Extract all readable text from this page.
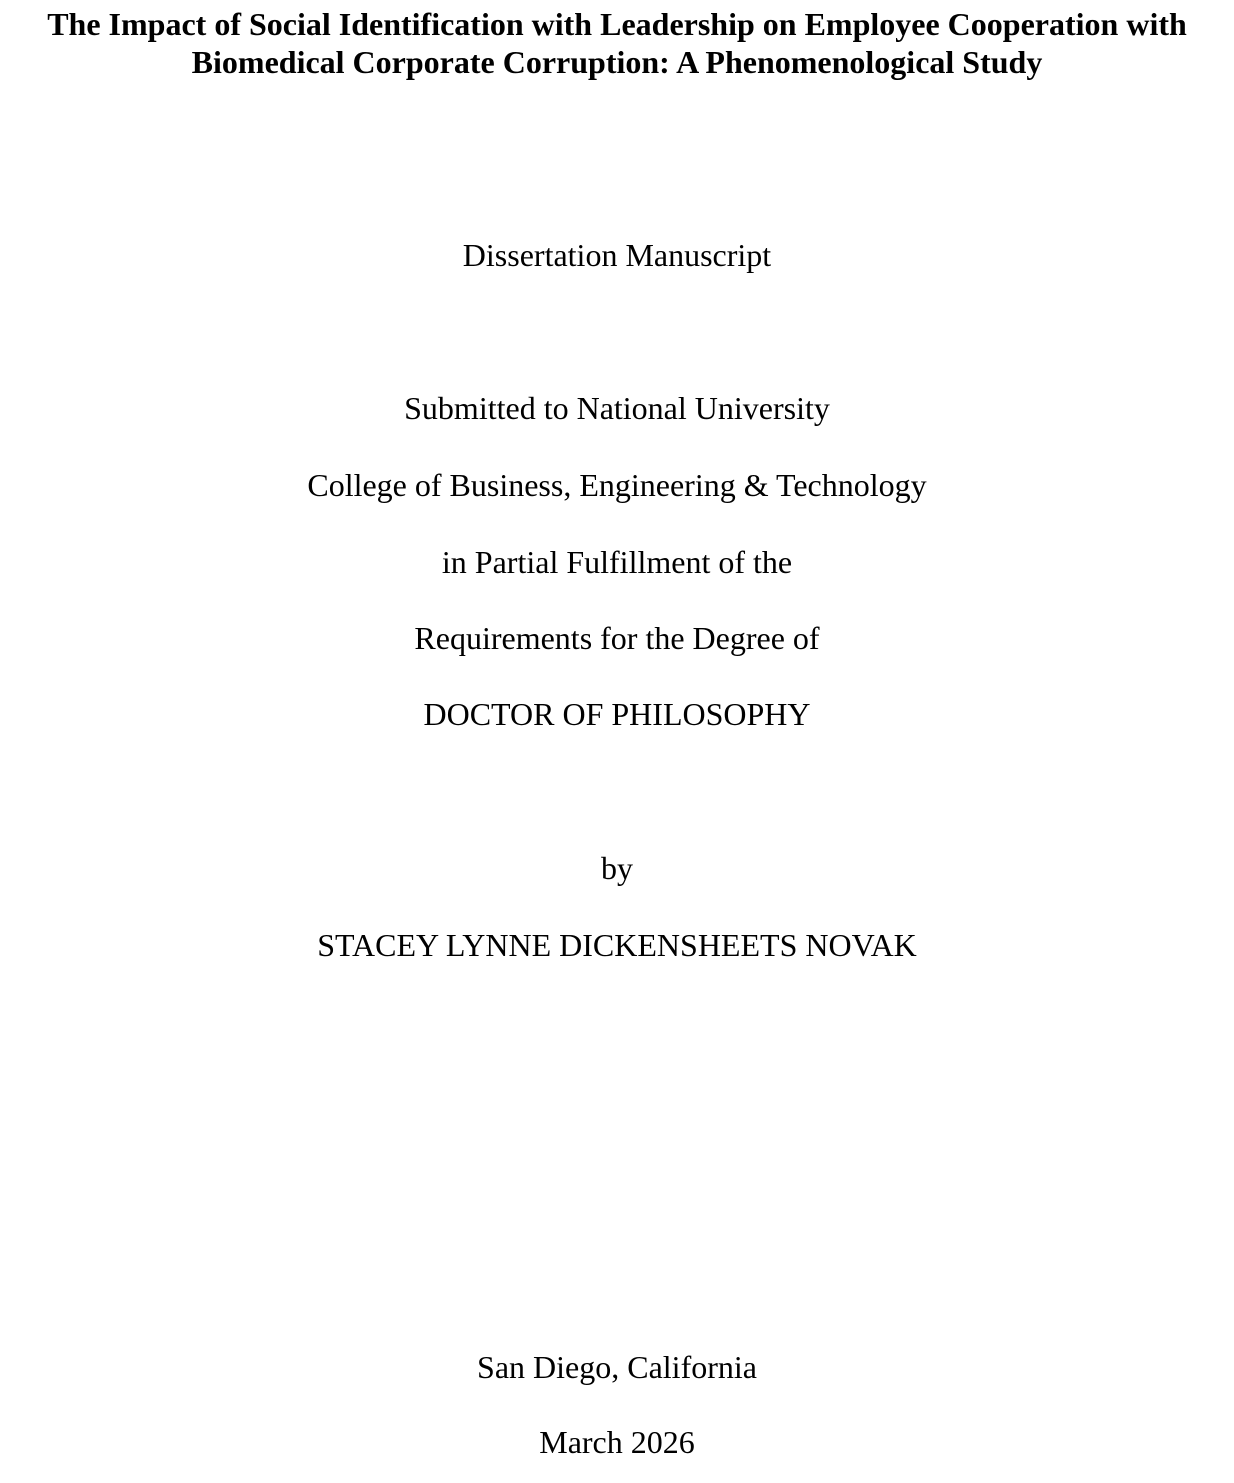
The Impact of Social Identification with Leadership on Employee Cooperation with
Biomedical Corporate Corruption: A Phenomenological Study

Dissertation Manuscript

Submitted to National University

College of Business, Engineering & Technology

in Partial Fulfillment of the

Requirements for the Degree of

DOCTOR OF PHILOSOPHY

by

STACEY LYNNE DICKENSHEETS NOVAK

San Diego, California

March 2026
